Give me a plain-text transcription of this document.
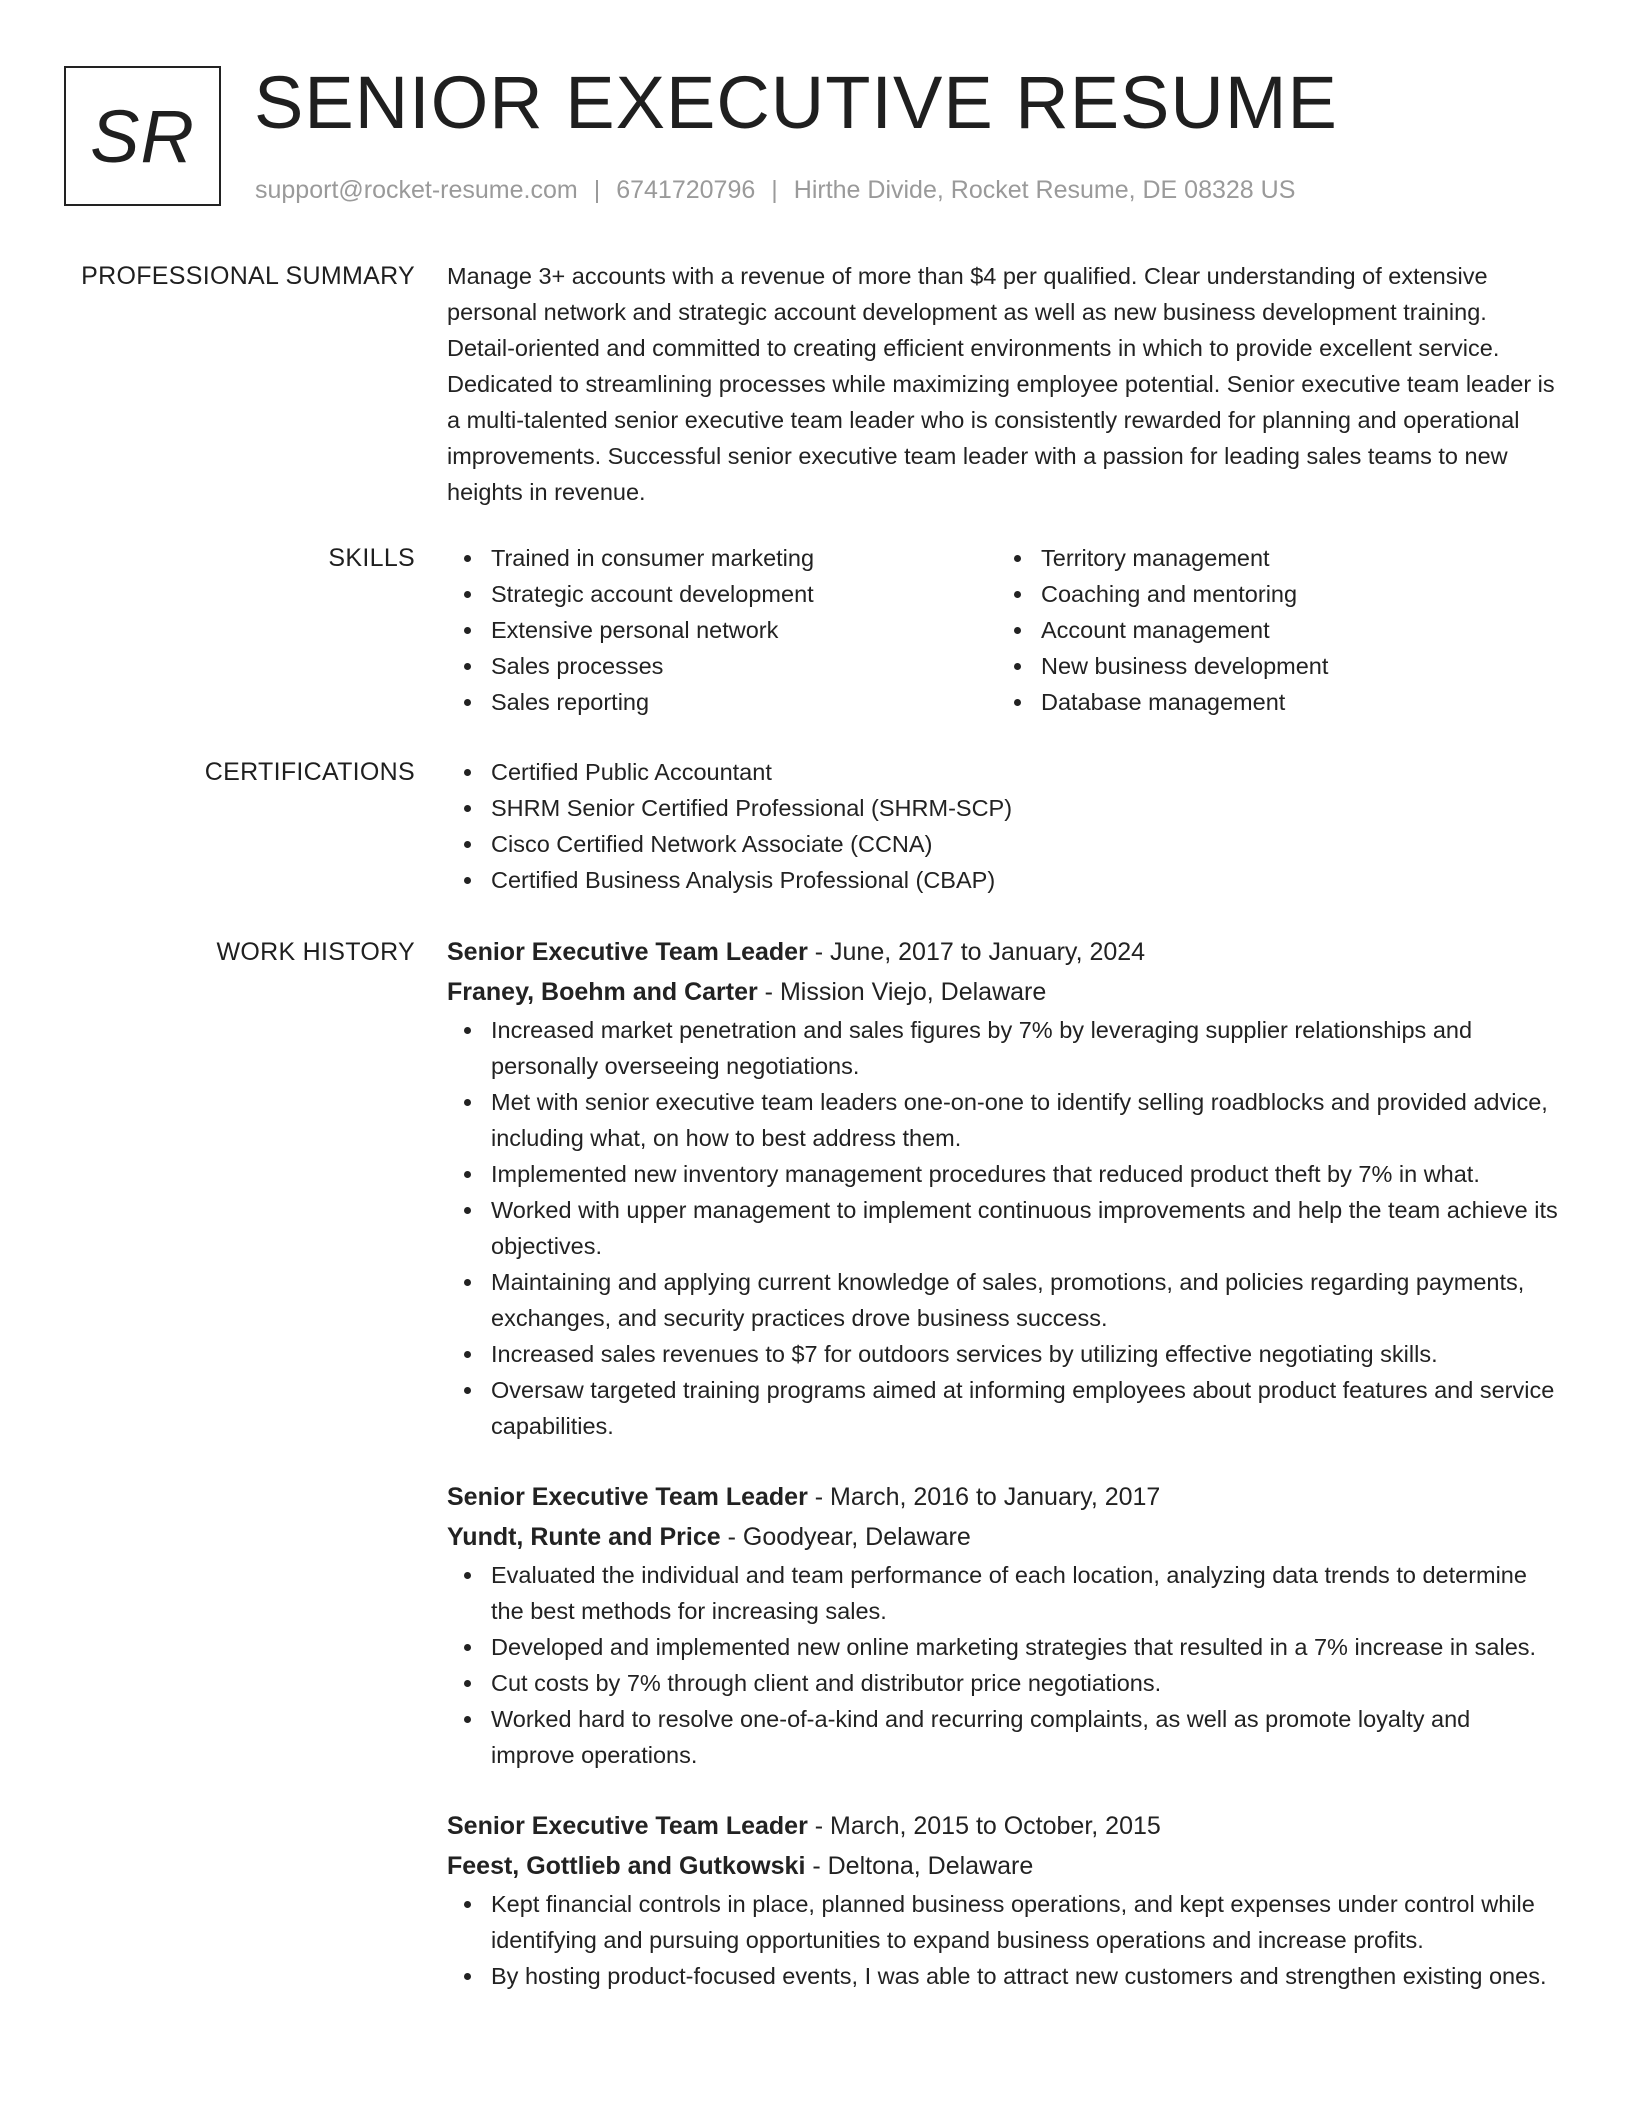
SR SENIOR EXECUTIVE RESUME
support@rocket-resume.com | 6741720796 | Hirthe Divide, Rocket Resume, DE 08328 US
PROFESSIONAL SUMMARY Manage 3+ accounts with a revenue of more than $4 per qualified. Clear understanding of extensive personal network and strategic account development as well as new business development training. Detail-oriented and committed to creating efficient environments in which to provide excellent service. Dedicated to streamlining processes while maximizing employee potential. Senior executive team leader is a multi-talented senior executive team leader who is consistently rewarded for planning and operational improvements. Successful senior executive team leader with a passion for leading sales teams to new heights in revenue.

SKILLS	Trained in consumer marketing
Strategic account development
Extensive personal network
Sales processes
Sales reporting
Territory management
Coaching and mentoring
Account management
New business development
Database management
CERTIFICATIONS	Certified Public Accountant
SHRM Senior Certified Professional (SHRM-SCP)
Cisco Certified Network Associate (CCNA)
Certified Business Analysis Professional (CBAP)
WORK HISTORY Senior Executive Team Leader - June, 2017 to January, 2024
Franey, Boehm and Carter - Mission Viejo, Delaware
Increased market penetration and sales figures by 7% by leveraging supplier relationships and personally overseeing negotiations.
Met with senior executive team leaders one-on-one to identify selling roadblocks and provided advice, including what, on how to best address them.
Implemented new inventory management procedures that reduced product theft by 7% in what.
Worked with upper management to implement continuous improvements and help the team achieve its objectives.
Maintaining and applying current knowledge of sales, promotions, and policies regarding payments, exchanges, and security practices drove business success.
Increased sales revenues to $7 for outdoors services by utilizing effective negotiating skills.
Oversaw targeted training programs aimed at informing employees about product features and service capabilities.
Senior Executive Team Leader - March, 2016 to January, 2017
Yundt, Runte and Price - Goodyear, Delaware
Evaluated the individual and team performance of each location, analyzing data trends to determine the best methods for increasing sales.
Developed and implemented new online marketing strategies that resulted in a 7% increase in sales.
Cut costs by 7% through client and distributor price negotiations.
Worked hard to resolve one-of-a-kind and recurring complaints, as well as promote loyalty and improve operations.
Senior Executive Team Leader - March, 2015 to October, 2015
Feest, Gottlieb and Gutkowski - Deltona, Delaware
Kept financial controls in place, planned business operations, and kept expenses under control while identifying and pursuing opportunities to expand business operations and increase profits.
By hosting product-focused events, I was able to attract new customers and strengthen existing ones.
